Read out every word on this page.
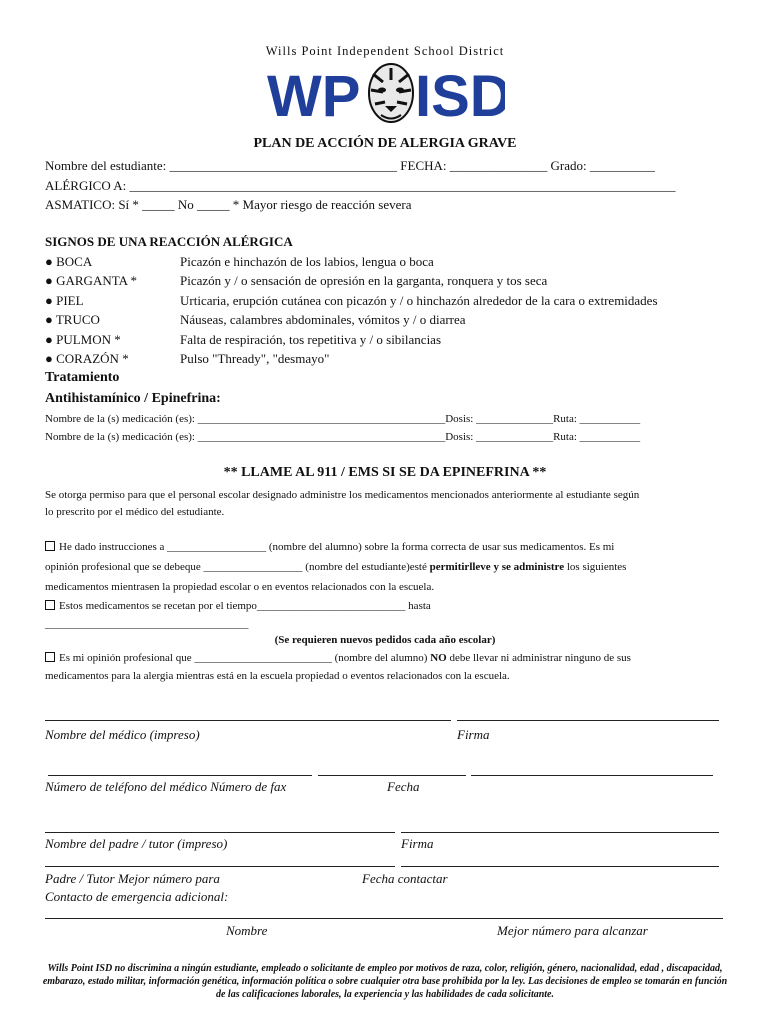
Wills Point Independent School District
WP ISD
PLAN DE ACCIÓN DE ALERGIA GRAVE
Nombre del estudiante: ___________________________________ FECHA: _______________ Grado: __________
ALÉRGICO A: ____________________________________________________________________________________
ASMATICO: Sí * _____ No _____ * Mayor riesgo de reacción severa
SIGNOS DE UNA REACCIÓN ALÉRGICA
● BOCA	Picazón e hinchazón de los labios, lengua o boca
● GARGANTA *	Picazón y / o sensación de opresión en la garganta, ronquera y tos seca
● PIEL	Urticaria, erupción cutánea con picazón y / o hinchazón alrededor de la cara o extremidades
● TRUCO	Náuseas, calambres abdominales, vómitos y / o diarrea
● PULMON *	Falta de respiración, tos repetitiva y / o sibilancias
● CORAZÓN *	Pulso "Thready", "desmayo"
Tratamiento
Antihistamínico / Epinefrina:
Nombre de la (s) medicación (es): _____________________________________________Dosis: ______________Ruta: ___________
Nombre de la (s) medicación (es): _____________________________________________Dosis: ______________Ruta: ___________
** LLAME AL 911 / EMS SI SE DA EPINEFRINA **
Se otorga permiso para que el personal escolar designado administre los medicamentos mencionados anteriormente al estudiante según
lo prescrito por el médico del estudiante.
He dado instrucciones a __________________ (nombre del alumno) sobre la forma correcta de usar sus medicamentos. Es mi
opinión profesional que se debeque __________________ (nombre del estudiante)esté permitirlleve y se administre los siguientes
medicamentos mientrasen la propiedad escolar o en eventos relacionados con la escuela.
Estos medicamentos se recetan por el tiempo___________________________ hasta
_____________________________________
(Se requieren nuevos pedidos cada año escolar)
Es mi opinión profesional que _________________________ (nombre del alumno) NO debe llevar ni administrar ninguno de sus
medicamentos para la alergia mientras está en la escuela propiedad o eventos relacionados con la escuela.
Nombre del médico (impreso)	Firma
Número de teléfono del médico Número de fax	Fecha
Nombre del padre / tutor (impreso)	Firma
Padre / Tutor Mejor número para	Fecha contactar
Contacto de emergencia adicional:
Nombre	Mejor número para alcanzar
Wills Point ISD no discrimina a ningún estudiante, empleado o solicitante de empleo por motivos de raza, color, religión, género, nacionalidad, edad , discapacidad, embarazo, estado militar, información genética, información política o sobre cualquier otra base prohibida por la ley. Las decisiones de empleo se tomarán en función de las calificaciones laborales, la experiencia y las habilidades de cada solicitante.
